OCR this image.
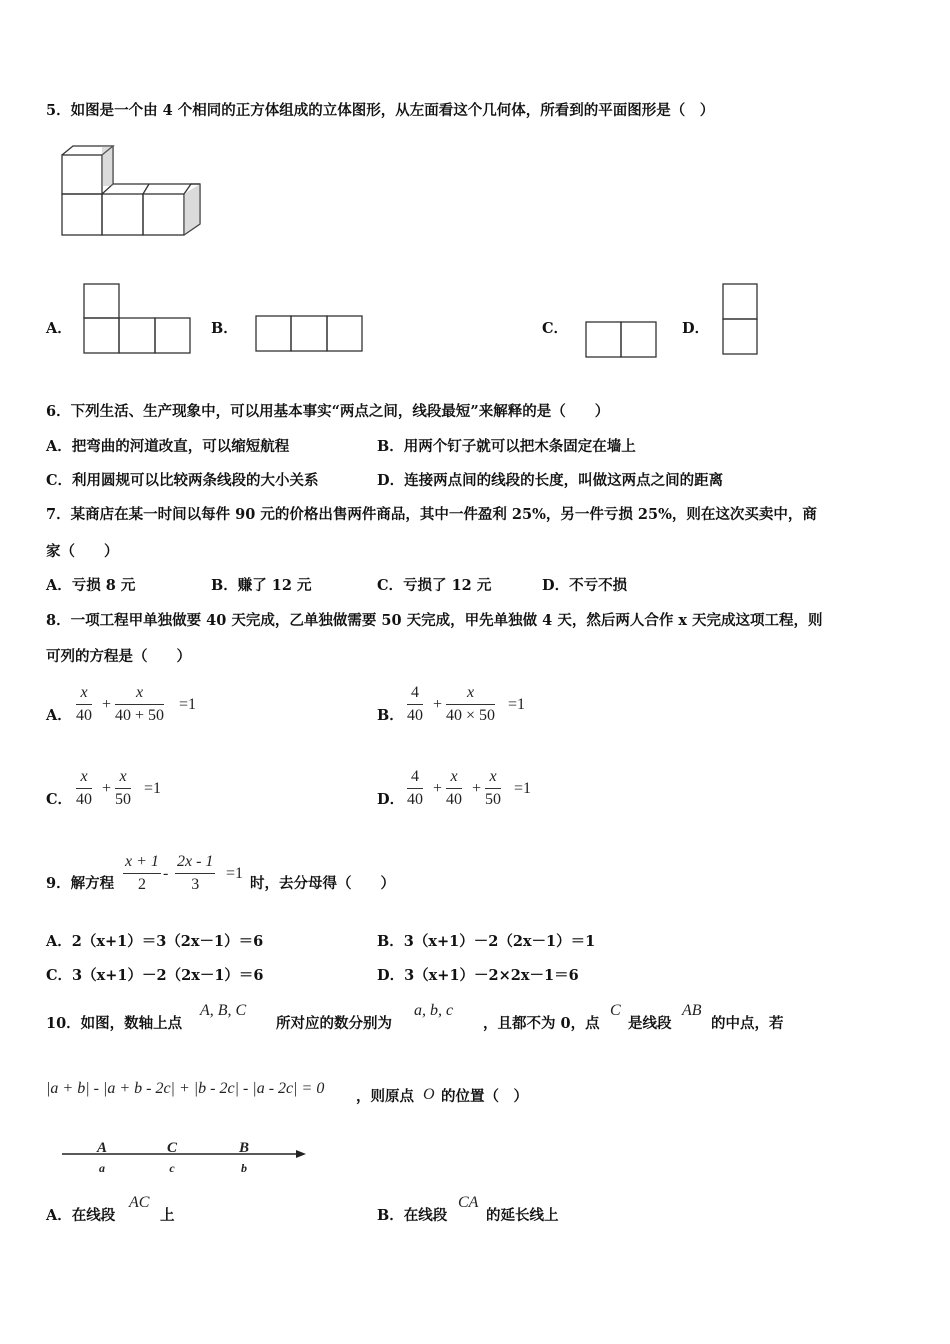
5．如图是一个由 4 个相同的正方体组成的立体图形，从左面看这个几何体，所看到的平面图形是（　）
A．	B．	C．	D．
6．下列生活、生产现象中，可以用基本事实“两点之间，线段最短”来解释的是（　　）
A．把弯曲的河道改直，可以缩短航程	B．用两个钉子就可以把木条固定在墙上
C．利用圆规可以比较两条线段的大小关系	D．连接两点间的线段的长度，叫做这两点之间的距离
7．某商店在某一时间以每件 90 元的价格出售两件商品，其中一件盈利 25%，另一件亏损 25%，则在这次买卖中，商
家（　　）
A．亏损 8 元	B．赚了 12 元	C．亏损了 12 元	D．不亏不损
8．一项工程甲单独做要 40 天完成，乙单独做需要 50 天完成，甲先单独做 4 天，然后两人合作 x 天完成这项工程，则
可列的方程是（　　）
A． $\frac{x}{40} + \frac{x}{40 + 50} =1$
B． $\frac{4}{40} + \frac{x}{40 \times 50} =1$
C． $\frac{x}{40} + \frac{x}{50} =1$
D． $\frac{4}{40} + \frac{x}{40} + \frac{x}{50} =1$
9．解方程 $\frac{x + 1}{2} - \frac{2x - 1}{3} =1$
时，去分母得（　　）
A．2（x+1）＝3（2x－1）＝6	B．3（x+1）－2（2x－1）＝1
C．3（x+1）－2（2x－1）＝6	D．3（x+1）－2×2x－1＝6
10．如图，数轴上点
A, B, C
所对应的数分别为
a, b, c
，且都不为 0，点
C
是线段
AB
的中点，若
|a + b| - |a + b - 2c| + |b - 2c| - |a - 2c| = 0 ，则原点 O 的位置（　）
A	C	B
a	c	b
A．在线段
AC
上	B．在线段
CA
的延长线上
